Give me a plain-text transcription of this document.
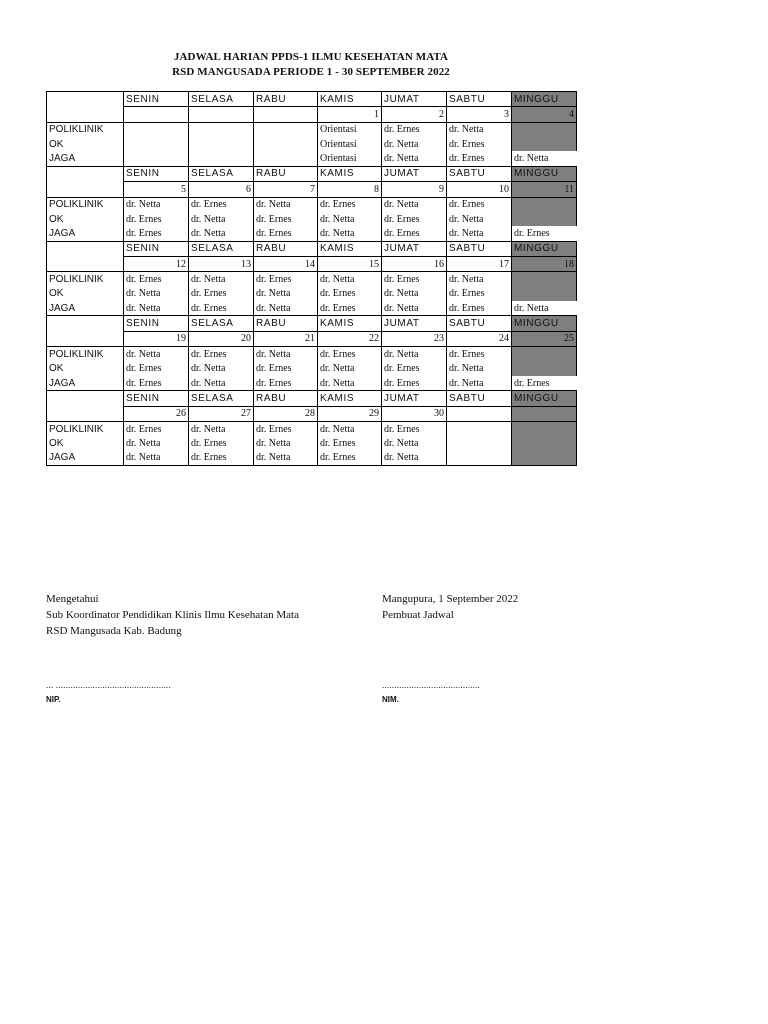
JADWAL HARIAN PPDS-1 ILMU KESEHATAN MATA
RSD MANGUSADA PERIODE 1 - 30 SEPTEMBER 2022
	SENIN	SELASA	RABU	KAMIS	JUMAT	SABTU	MINGGU
				1	2	3	4
POLIKLINIK				Orientasi	dr. Ernes	dr. Netta	
OK				Orientasi	dr. Netta	dr. Ernes	
JAGA				Orientasi	dr. Netta	dr. Ernes	dr. Netta
	SENIN	SELASA	RABU	KAMIS	JUMAT	SABTU	MINGGU
	5	6	7	8	9	10	11
POLIKLINIK	dr. Netta	dr. Ernes	dr. Netta	dr. Ernes	dr. Netta	dr. Ernes	
OK	dr. Ernes	dr. Netta	dr. Ernes	dr. Netta	dr. Ernes	dr. Netta	
JAGA	dr. Ernes	dr. Netta	dr. Ernes	dr. Netta	dr. Ernes	dr. Netta	dr. Ernes
	SENIN	SELASA	RABU	KAMIS	JUMAT	SABTU	MINGGU
	12	13	14	15	16	17	18
POLIKLINIK	dr. Ernes	dr. Netta	dr. Ernes	dr. Netta	dr. Ernes	dr. Netta	
OK	dr. Netta	dr. Ernes	dr. Netta	dr. Ernes	dr. Netta	dr. Ernes	
JAGA	dr. Netta	dr. Ernes	dr. Netta	dr. Ernes	dr. Netta	dr. Ernes	dr. Netta
	SENIN	SELASA	RABU	KAMIS	JUMAT	SABTU	MINGGU
	19	20	21	22	23	24	25
POLIKLINIK	dr. Netta	dr. Ernes	dr. Netta	dr. Ernes	dr. Netta	dr. Ernes	
OK	dr. Ernes	dr. Netta	dr. Ernes	dr. Netta	dr. Ernes	dr. Netta	
JAGA	dr. Ernes	dr. Netta	dr. Ernes	dr. Netta	dr. Ernes	dr. Netta	dr. Ernes
	SENIN	SELASA	RABU	KAMIS	JUMAT	SABTU	MINGGU
	26	27	28	29	30		
POLIKLINIK	dr. Ernes	dr. Netta	dr. Ernes	dr. Netta	dr. Ernes		
OK	dr. Netta	dr. Ernes	dr. Netta	dr. Ernes	dr. Netta		
JAGA	dr. Netta	dr. Ernes	dr. Netta	dr. Ernes	dr. Netta		
Mengetahui
Sub Koordinator Pendidikan Klinis Ilmu Kesehatan Mata
RSD Mangusada Kab. Badung
... ...............................................
NIP.
Mangupura, 1 September 2022
Pembuat Jadwal
........................................
NIM.
